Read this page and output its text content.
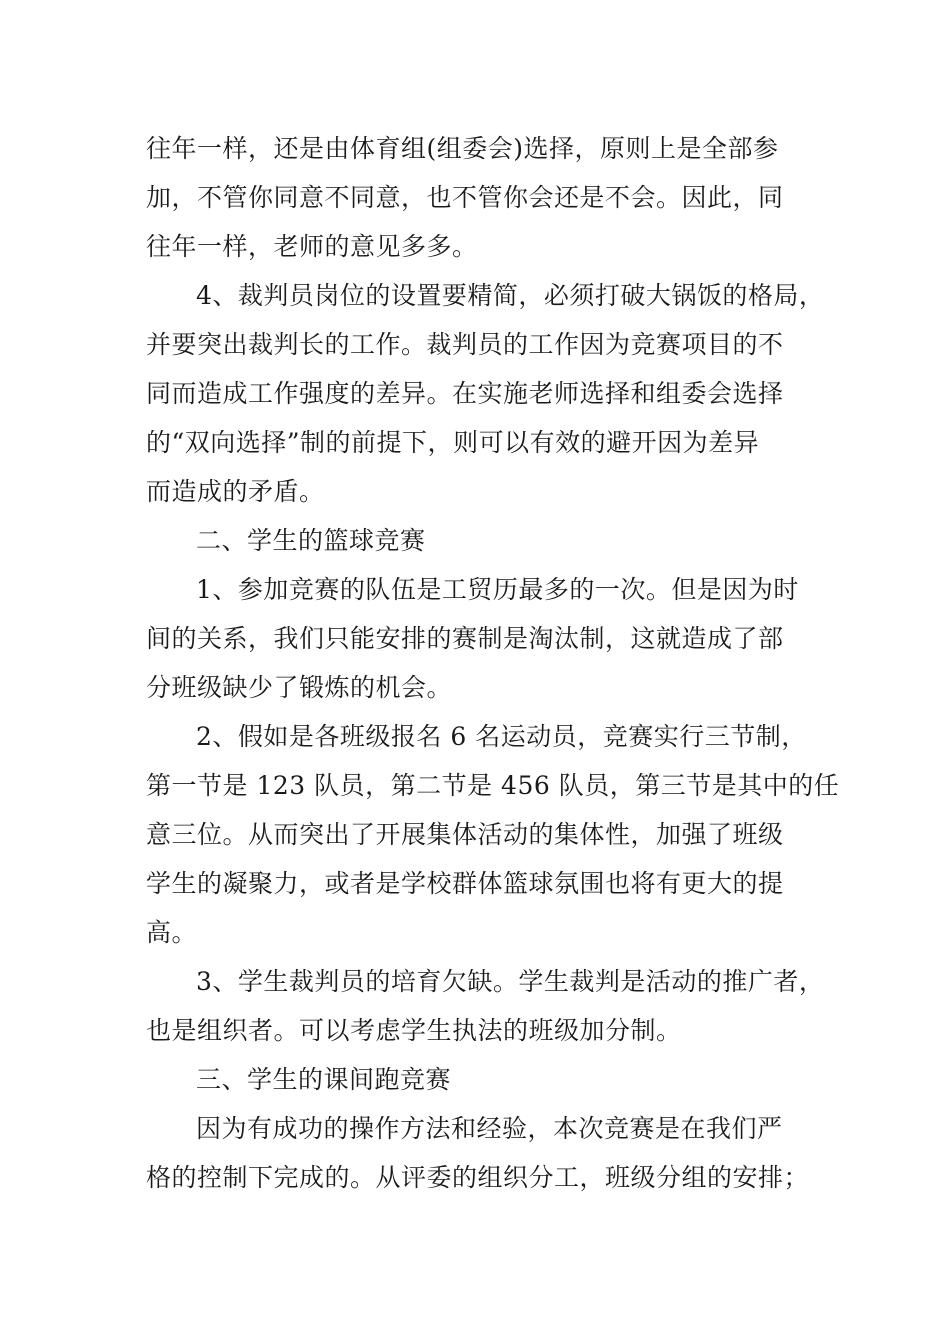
往年一样，还是由体育组(组委会)选择，原则上是全部参
加，不管你同意不同意，也不管你会还是不会。因此，同
往年一样，老师的意见多多。
4、裁判员岗位的设置要精简，必须打破大锅饭的格局，
并要突出裁判长的工作。裁判员的工作因为竞赛项目的不
同而造成工作强度的差异。在实施老师选择和组委会选择
的“双向选择”制的前提下，则可以有效的避开因为差异
而造成的矛盾。
二、学生的篮球竞赛
1、参加竞赛的队伍是工贸历最多的一次。但是因为时
间的关系，我们只能安排的赛制是淘汰制，这就造成了部
分班级缺少了锻炼的机会。
2、假如是各班级报名 6 名运动员，竞赛实行三节制，
第一节是 123 队员，第二节是 456 队员，第三节是其中的任
意三位。从而突出了开展集体活动的集体性，加强了班级
学生的凝聚力，或者是学校群体篮球氛围也将有更大的提
高。
3、学生裁判员的培育欠缺。学生裁判是活动的推广者，
也是组织者。可以考虑学生执法的班级加分制。
三、学生的课间跑竞赛
因为有成功的操作方法和经验，本次竞赛是在我们严
格的控制下完成的。从评委的组织分工，班级分组的安排；
